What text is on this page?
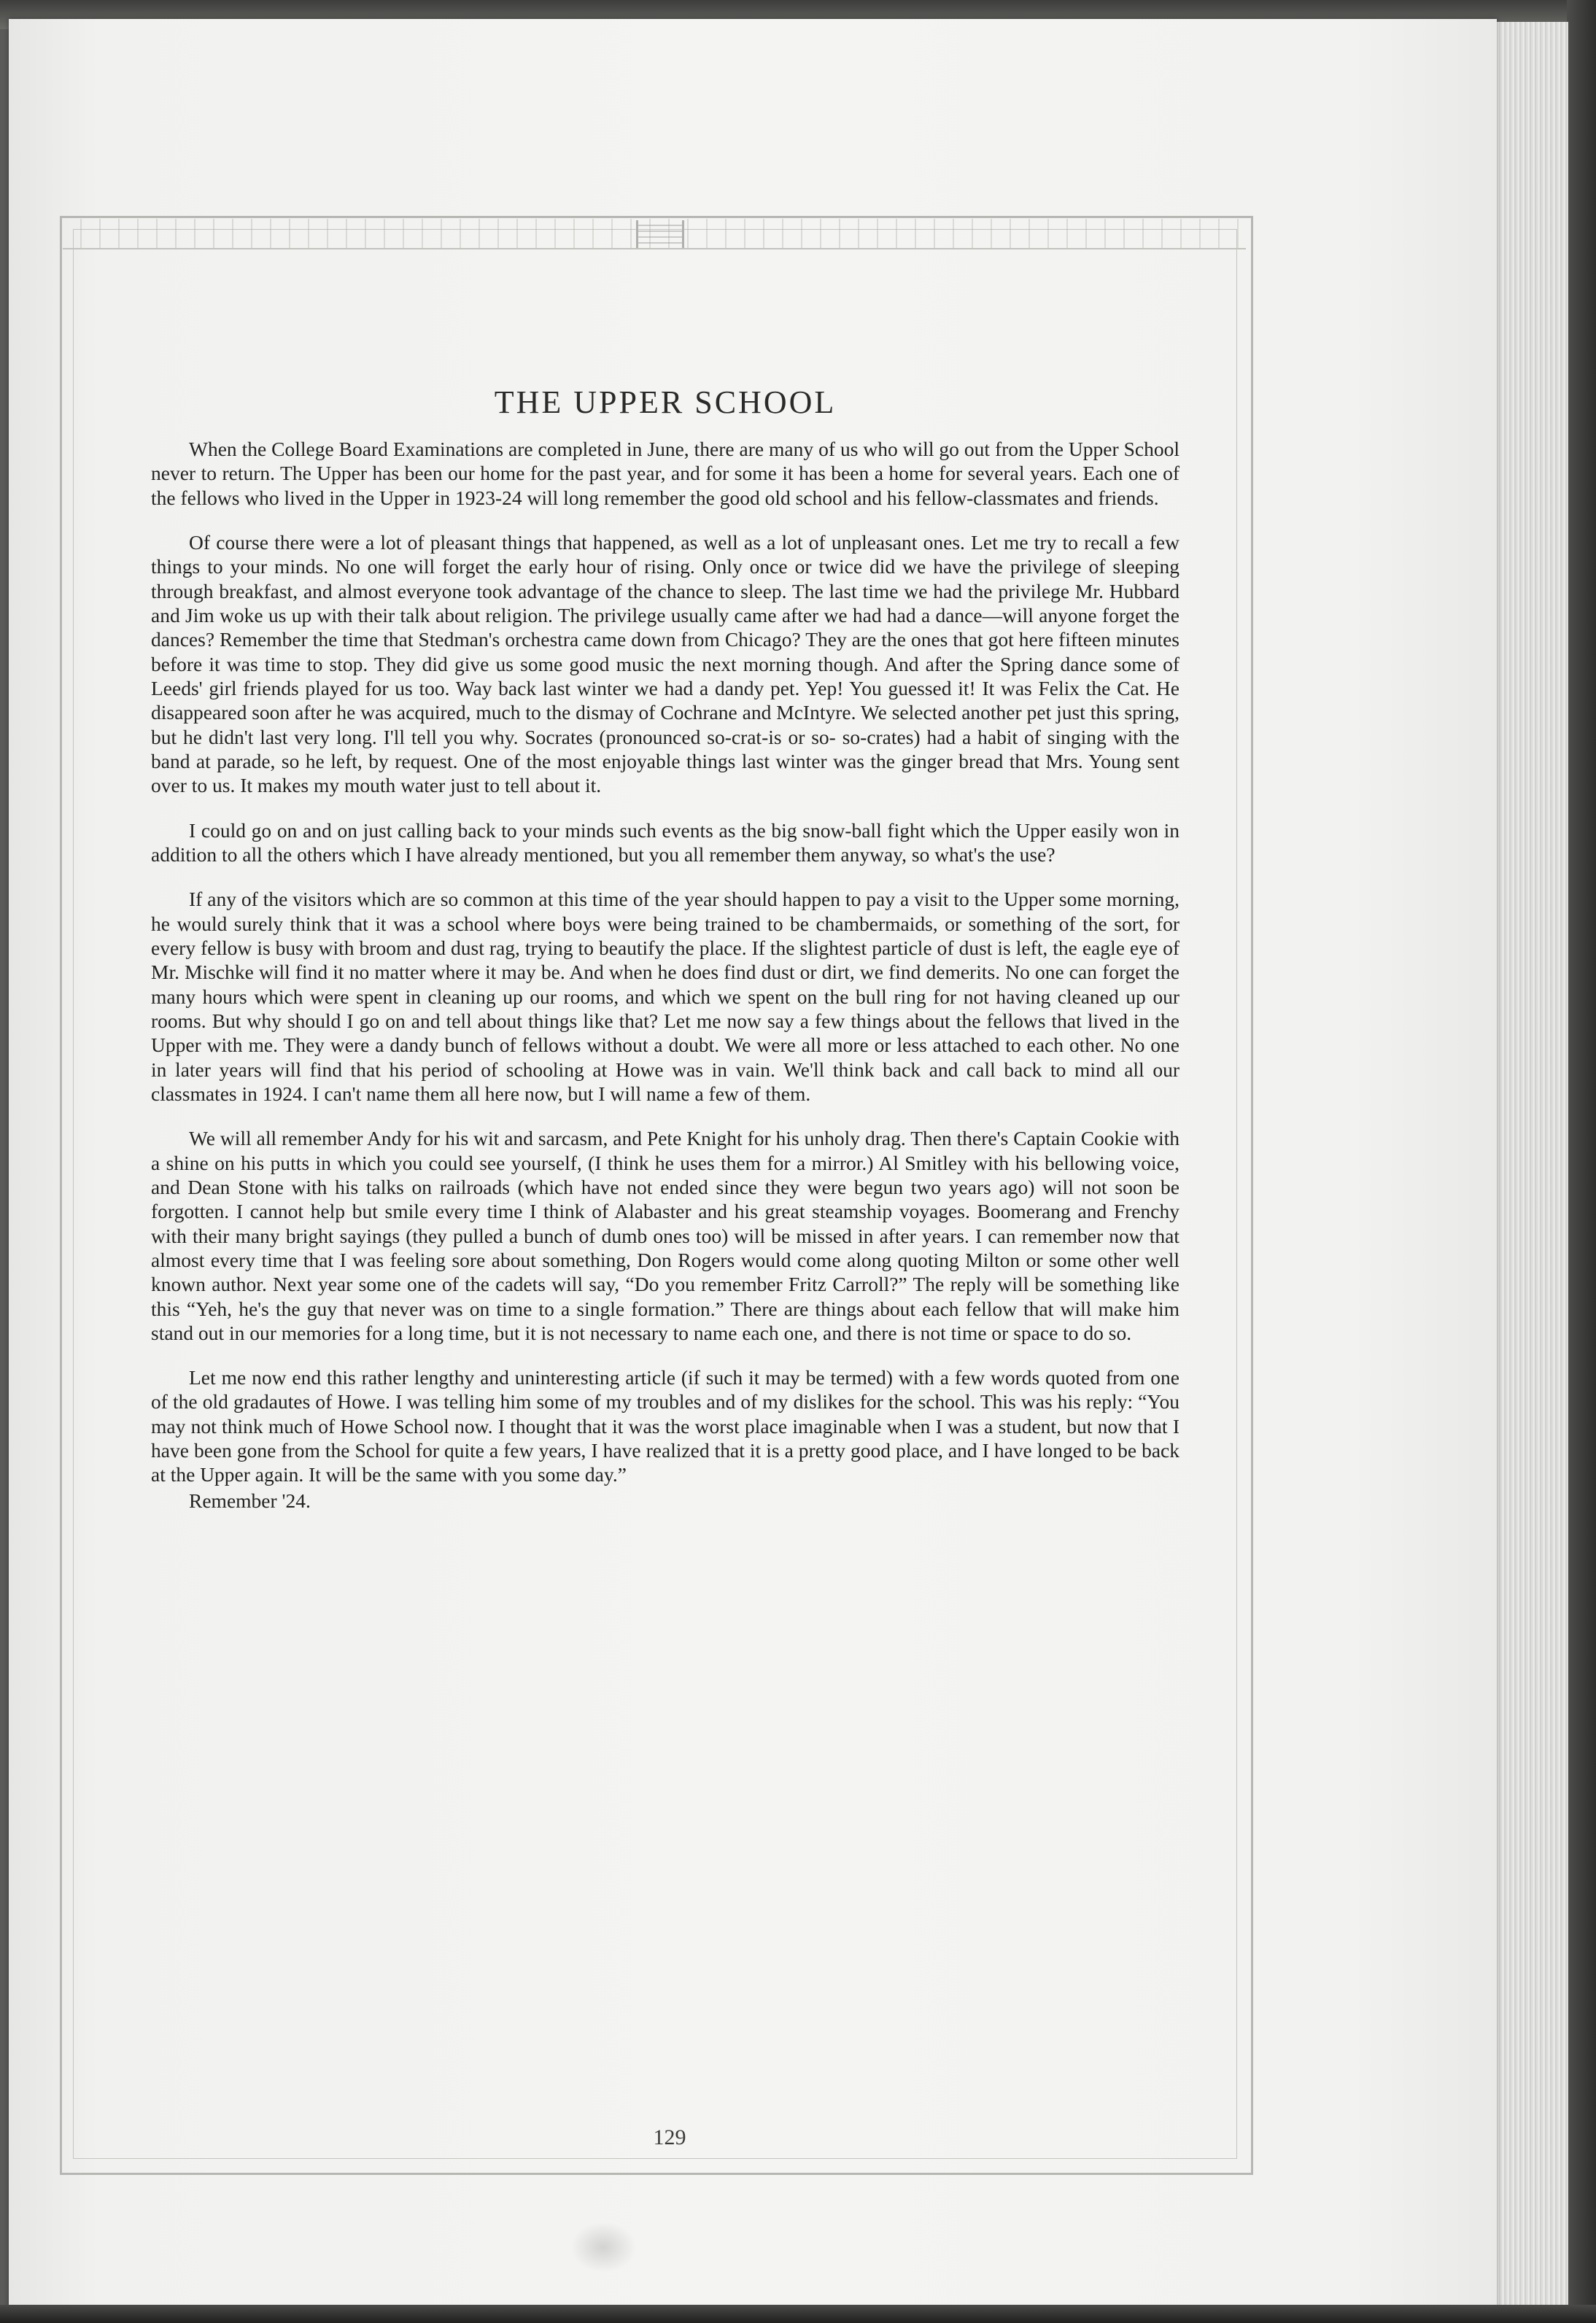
THE UPPER SCHOOL

When the College Board Examinations are completed in June, there are many of us who will go out from the Upper School never to return. The Upper has been our home for the past year, and for some it has been a home for several years. Each one of the fellows who lived in the Upper in 1923-24 will long remember the good old school and his fellow-classmates and friends.

Of course there were a lot of pleasant things that happened, as well as a lot of unpleasant ones. Let me try to recall a few things to your minds. No one will forget the early hour of rising. Only once or twice did we have the privilege of sleeping through breakfast, and almost everyone took advantage of the chance to sleep. The last time we had the privilege Mr. Hubbard and Jim woke us up with their talk about religion. The privilege usually came after we had had a dance—will anyone forget the dances? Remember the time that Stedman's orchestra came down from Chicago? They are the ones that got here fifteen minutes before it was time to stop. They did give us some good music the next morning though. And after the Spring dance some of Leeds' girl friends played for us too. Way back last winter we had a dandy pet. Yep! You guessed it! It was Felix the Cat. He disappeared soon after he was acquired, much to the dismay of Cochrane and McIntyre. We selected another pet just this spring, but he didn't last very long. I'll tell you why. Socrates (pronounced so-crat-is or so- so-crates) had a habit of singing with the band at parade, so he left, by request. One of the most enjoyable things last winter was the ginger bread that Mrs. Young sent over to us. It makes my mouth water just to tell about it.

I could go on and on just calling back to your minds such events as the big snow-ball fight which the Upper easily won in addition to all the others which I have already mentioned, but you all remember them anyway, so what's the use?

If any of the visitors which are so common at this time of the year should happen to pay a visit to the Upper some morning, he would surely think that it was a school where boys were being trained to be chambermaids, or something of the sort, for every fellow is busy with broom and dust rag, trying to beautify the place. If the slightest particle of dust is left, the eagle eye of Mr. Mischke will find it no matter where it may be. And when he does find dust or dirt, we find demerits. No one can forget the many hours which were spent in cleaning up our rooms, and which we spent on the bull ring for not having cleaned up our rooms. But why should I go on and tell about things like that? Let me now say a few things about the fellows that lived in the Upper with me. They were a dandy bunch of fellows without a doubt. We were all more or less attached to each other. No one in later years will find that his period of schooling at Howe was in vain. We'll think back and call back to mind all our classmates in 1924. I can't name them all here now, but I will name a few of them.

We will all remember Andy for his wit and sarcasm, and Pete Knight for his unholy drag. Then there's Captain Cookie with a shine on his putts in which you could see yourself, (I think he uses them for a mirror.) Al Smitley with his bellowing voice, and Dean Stone with his talks on railroads (which have not ended since they were begun two years ago) will not soon be forgotten. I cannot help but smile every time I think of Alabaster and his great steamship voyages. Boomerang and Frenchy with their many bright sayings (they pulled a bunch of dumb ones too) will be missed in after years. I can remember now that almost every time that I was feeling sore about something, Don Rogers would come along quoting Milton or some other well known author. Next year some one of the cadets will say, “Do you remember Fritz Carroll?” The reply will be something like this “Yeh, he's the guy that never was on time to a single formation.” There are things about each fellow that will make him stand out in our memories for a long time, but it is not necessary to name each one, and there is not time or space to do so.

Let me now end this rather lengthy and uninteresting article (if such it may be termed) with a few words quoted from one of the old gradautes of Howe. I was telling him some of my troubles and of my dislikes for the school. This was his reply: “You may not think much of Howe School now. I thought that it was the worst place imaginable when I was a student, but now that I have been gone from the School for quite a few years, I have realized that it is a pretty good place, and I have longed to be back at the Upper again. It will be the same with you some day.”

Remember '24.

129
